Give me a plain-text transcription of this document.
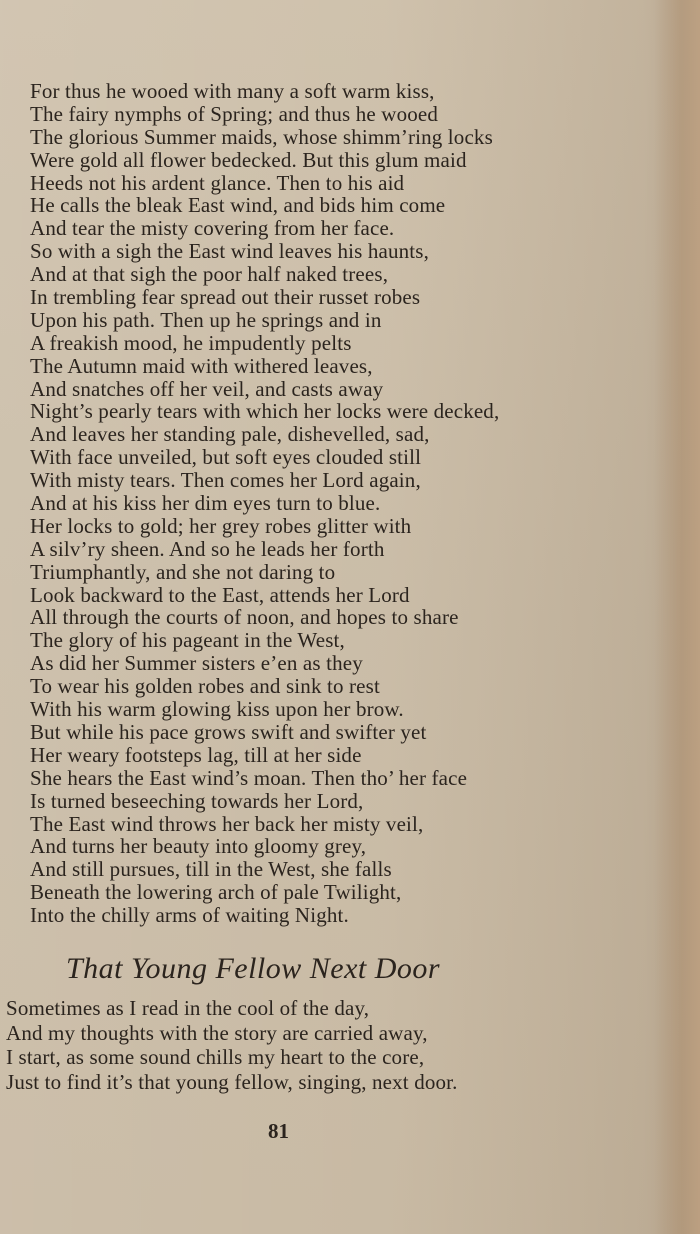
For thus he wooed with many a soft warm kiss,
The fairy nymphs of Spring; and thus he wooed
The glorious Summer maids, whose shimm’ring locks
Were gold all flower bedecked. But this glum maid
Heeds not his ardent glance. Then to his aid
He calls the bleak East wind, and bids him come
And tear the misty covering from her face.
So with a sigh the East wind leaves his haunts,
And at that sigh the poor half naked trees,
In trembling fear spread out their russet robes
Upon his path. Then up he springs and in
A freakish mood, he impudently pelts
The Autumn maid with withered leaves,
And snatches off her veil, and casts away
Night’s pearly tears with which her locks were decked,
And leaves her standing pale, dishevelled, sad,
With face unveiled, but soft eyes clouded still
With misty tears. Then comes her Lord again,
And at his kiss her dim eyes turn to blue.
Her locks to gold; her grey robes glitter with
A silv’ry sheen. And so he leads her forth
Triumphantly, and she not daring to
Look backward to the East, attends her Lord
All through the courts of noon, and hopes to share
The glory of his pageant in the West,
As did her Summer sisters e’en as they
To wear his golden robes and sink to rest
With his warm glowing kiss upon her brow.
But while his pace grows swift and swifter yet
Her weary footsteps lag, till at her side
She hears the East wind’s moan. Then tho’ her face
Is turned beseeching towards her Lord,
The East wind throws her back her misty veil,
And turns her beauty into gloomy grey,
And still pursues, till in the West, she falls
Beneath the lowering arch of pale Twilight,
Into the chilly arms of waiting Night.
That Young Fellow Next Door
Sometimes as I read in the cool of the day,
And my thoughts with the story are carried away,
I start, as some sound chills my heart to the core,
Just to find it’s that young fellow, singing, next door.
81
